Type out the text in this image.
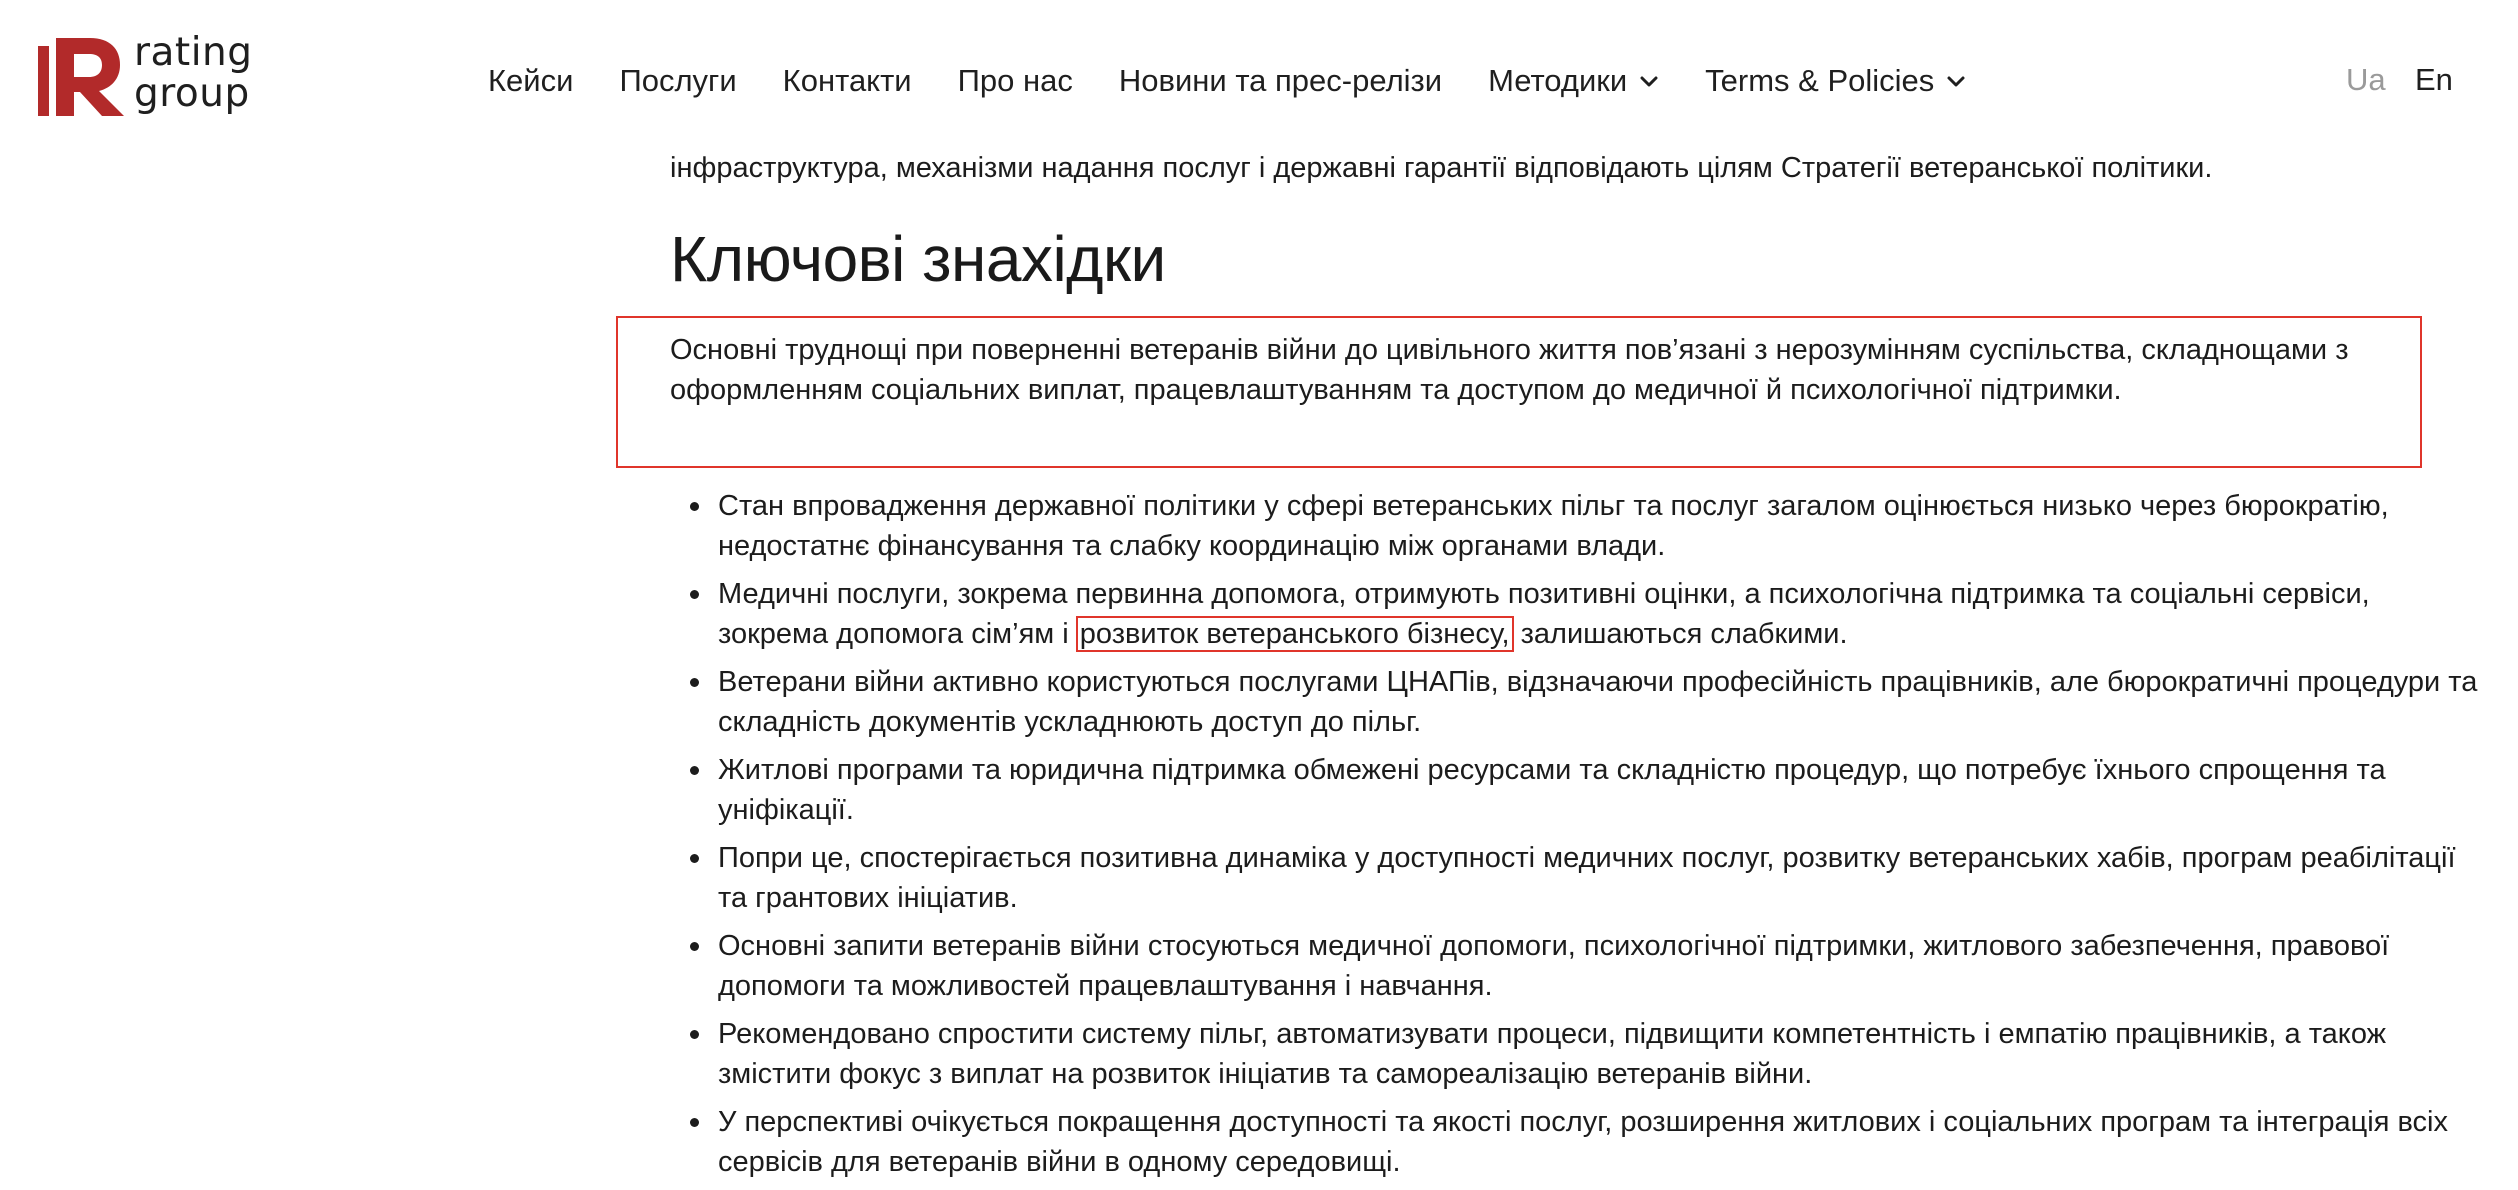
rating
group	Кейси Послуги Контакти Про нас Новини та прес-релізи Методики	Terms & Policies	Ua En
інфраструктура, механізми надання послуг і державні гарантії відповідають цілям Стратегії ветеранської політики.
Ключові знахідки

Основні труднощі при поверненні ветеранів війни до цивільного життя пов’язані з нерозумінням суспільства, складнощами з оформленням соціальних виплат, працевлаштуванням та доступом до медичної й психологічної підтримки.

Стан впровадження державної політики у сфері ветеранських пільг та послуг загалом оцінюється низько через бюрократію, недостатнє фінансування та слабку координацію між органами влади.
Медичні послуги, зокрема первинна допомога, отримують позитивні оцінки, а психологічна підтримка та соціальні сервіси, зокрема допомога сім’ям і розвиток ветеранського бізнесу, залишаються слабкими.
Ветерани війни активно користуються послугами ЦНАПів, відзначаючи професійність працівників, але бюрократичні процедури та складність документів ускладнюють доступ до пільг.
Житлові програми та юридична підтримка обмежені ресурсами та складністю процедур, що потребує їхнього спрощення та уніфікації.
Попри це, спостерігається позитивна динаміка у доступності медичних послуг, розвитку ветеранських хабів, програм реабілітації та грантових ініціатив.
Основні запити ветеранів війни стосуються медичної допомоги, психологічної підтримки, житлового забезпечення, правової допомоги та можливостей працевлаштування і навчання.
Рекомендовано спростити систему пільг, автоматизувати процеси, підвищити компетентність і емпатію працівників, а також змістити фокус з виплат на розвиток ініціатив та самореалізацію ветеранів війни.
У перспективі очікується покращення доступності та якості послуг, розширення житлових і соціальних програм та інтеграція всіх сервісів для ветеранів війни в одному середовищі.
